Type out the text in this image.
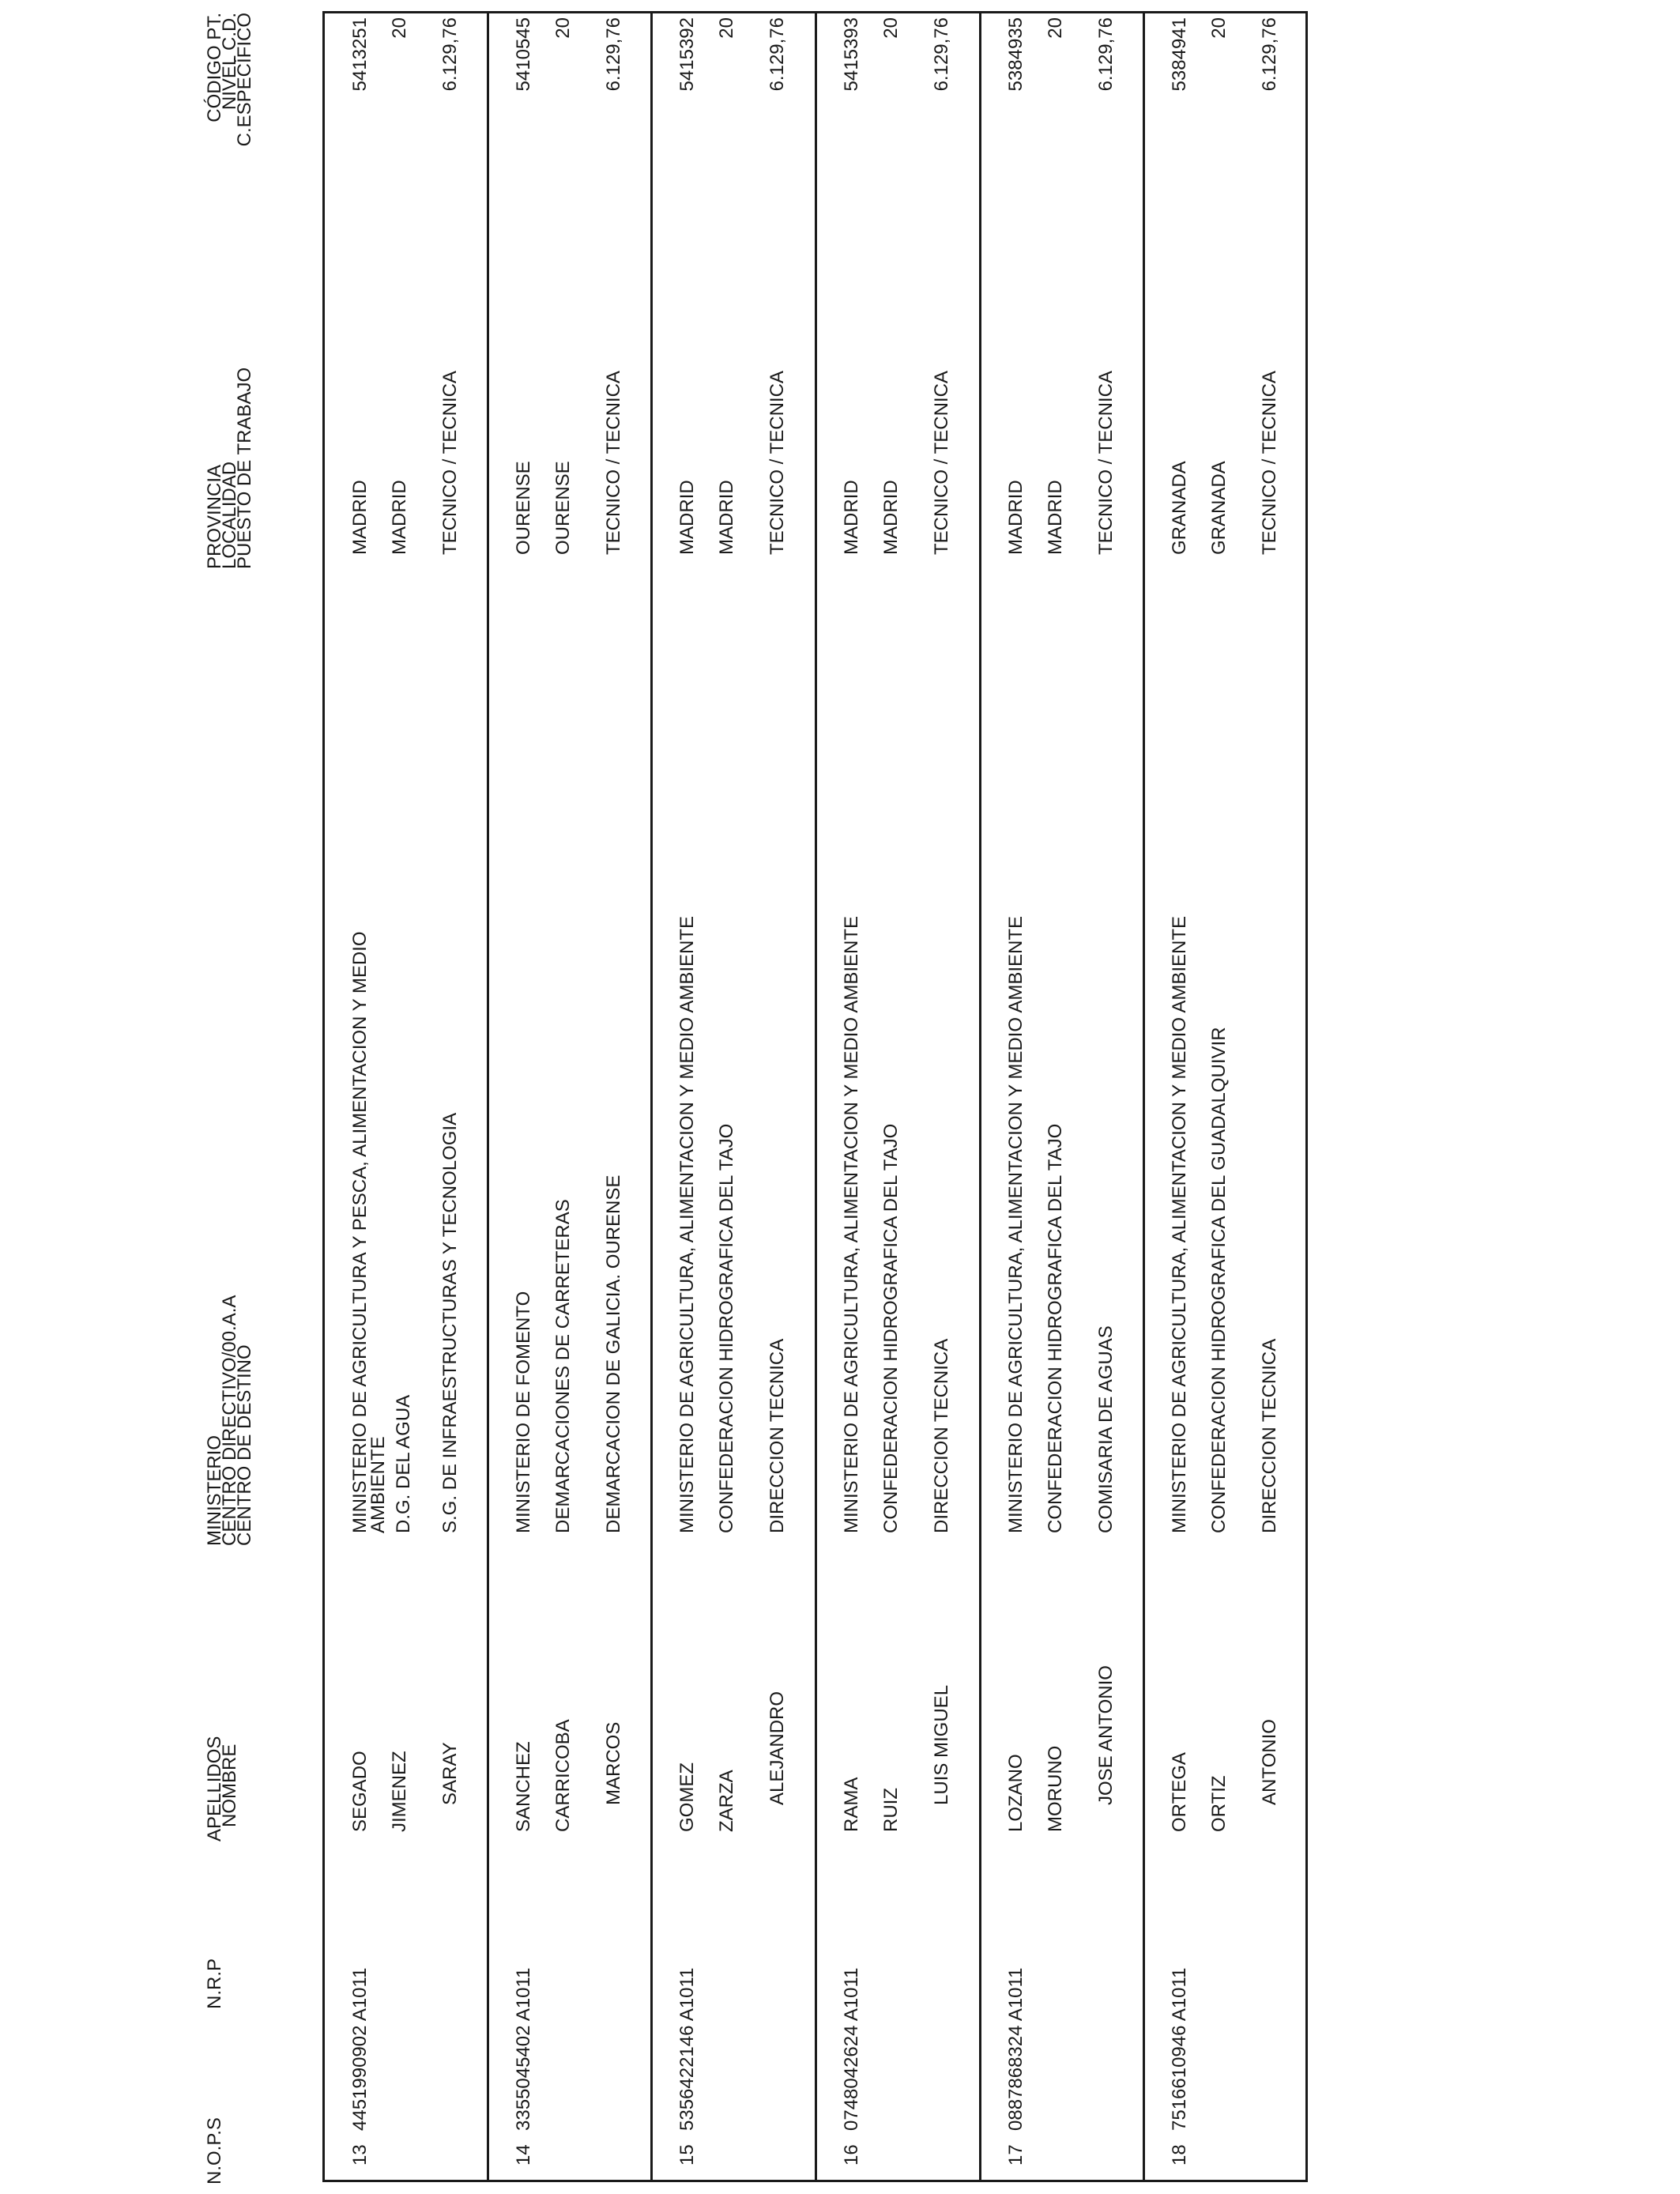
N.O.P.S
N.R.P
APELLIDOS
NOMBRE
MINISTERIO
CENTRO DIRECTIVO/00.A.A
CENTRO DE DESTINO
PROVINCIA
LOCALIDAD
PUESTO DE TRABAJO
CÓDIGO PT.
NIVEL C.D.
C.ESPECÍFICO
13
4451990902 A1011
SEGADO JIMENEZ SARAY
MINISTERIO DE AGRICULTURA Y PESCA, ALIMENTACION Y MEDIO
AMBIENTE D.G. DEL AGUA S.G. DE INFRAESTRUCTURAS Y TECNOLOGIA
MADRID MADRID TECNICO / TECNICA
5413251 20 6.129,76
14
3355045402 A1011
SANCHEZ CARRICOBA MARCOS
MINISTERIO DE FOMENTO DEMARCACIONES DE CARRETERAS DEMARCACION DE GALICIA. OURENSE
OURENSE OURENSE TECNICO / TECNICA
5410545 20 6.129,76
15
5356422146 A1011
GOMEZ ZARZA ALEJANDRO
MINISTERIO DE AGRICULTURA, ALIMENTACION Y MEDIO AMBIENTE CONFEDERACION HIDROGRAFICA DEL TAJO DIRECCION TECNICA
MADRID MADRID TECNICO / TECNICA
5415392 20 6.129,76
16
0748042624 A1011
RAMA RUIZ
LUIS MIGUEL
MINISTERIO DE AGRICULTURA, ALIMENTACION Y MEDIO AMBIENTE CONFEDERACION HIDROGRAFICA DEL TAJO DIRECCION TECNICA
MADRID MADRID TECNICO / TECNICA
5415393 20 6.129,76
17
0887868324 A1011
LOZANO MORUNO JOSE ANTONIO
MINISTERIO DE AGRICULTURA, ALIMENTACION Y MEDIO AMBIENTE CONFEDERACION HIDROGRAFICA DEL TAJO COMISARIA DE AGUAS
MADRID MADRID TECNICO / TECNICA
5384935 20 6.129,76
18
7516610946 A1011
ORTEGA ORTIZ ANTONIO
MINISTERIO DE AGRICULTURA, ALIMENTACION Y MEDIO AMBIENTE CONFEDERACION HIDROGRAFICA DEL GUADALQUIVIR DIRECCION TECNICA
GRANADA GRANADA TECNICO / TECNICA
5384941 20 6.129,76
